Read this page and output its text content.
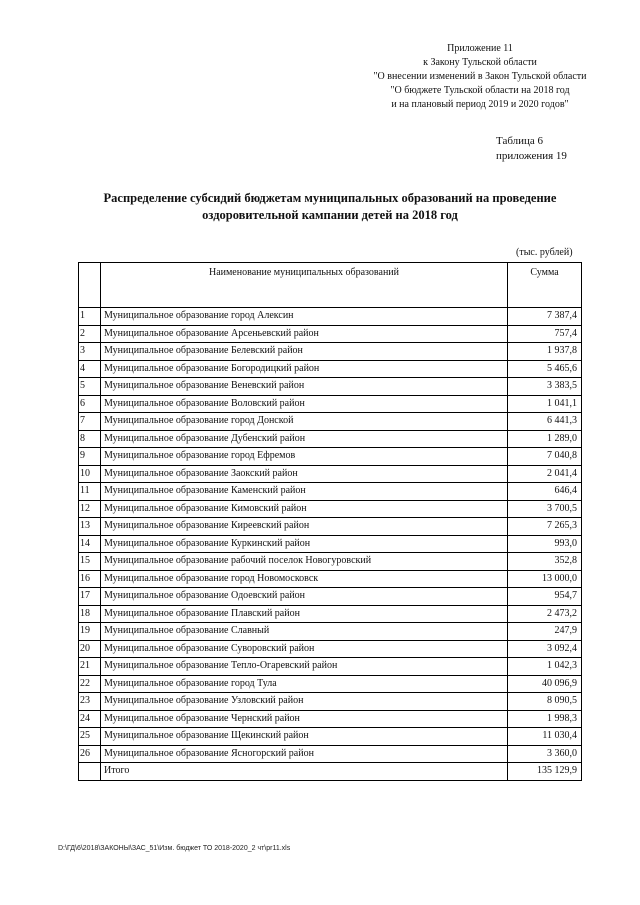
Приложение 11
к Закону Тульской области
"О внесении изменений в Закон Тульской области
"О бюджете Тульской области на 2018 год
и на плановый период 2019 и 2020 годов"
Таблица 6
приложения 19
Распределение субсидий бюджетам муниципальных образований на проведение
оздоровительной кампании детей на 2018 год
(тыс. рублей)
	Наименование муниципальных образований	Сумма
1	Муниципальное образование город Алексин	7 387,4
2	Муниципальное образование Арсеньевский район	757,4
3	Муниципальное образование Белевский район	1 937,8
4	Муниципальное образование Богородицкий район	5 465,6
5	Муниципальное образование Веневский район	3 383,5
6	Муниципальное образование Воловский район	1 041,1
7	Муниципальное образование город Донской	6 441,3
8	Муниципальное образование Дубенский район	1 289,0
9	Муниципальное образование город Ефремов	7 040,8
10	Муниципальное образование Заокский район	2 041,4
11	Муниципальное образование Каменский район	646,4
12	Муниципальное образование Кимовский район	3 700,5
13	Муниципальное образование Киреевский район	7 265,3
14	Муниципальное образование Куркинский район	993,0
15	Муниципальное образование рабочий поселок Новогуровский	352,8
16	Муниципальное образование город Новомосковск	13 000,0
17	Муниципальное образование Одоевский район	954,7
18	Муниципальное образование Плавский район	2 473,2
19	Муниципальное образование Славный	247,9
20	Муниципальное образование Суворовский район	3 092,4
21	Муниципальное образование Тепло-Огаревский район	1 042,3
22	Муниципальное образование город Тула	40 096,9
23	Муниципальное образование Узловский район	8 090,5
24	Муниципальное образование Чернский район	1 998,3
25	Муниципальное образование Щекинский район	11 030,4
26	Муниципальное образование Ясногорский район	3 360,0
	Итого	135 129,9
D:\ГД\6\2018\ЗАКОНЫ\ЗАС_51\Изм. бюджет ТО 2018-2020_2 чт\pr11.xls
